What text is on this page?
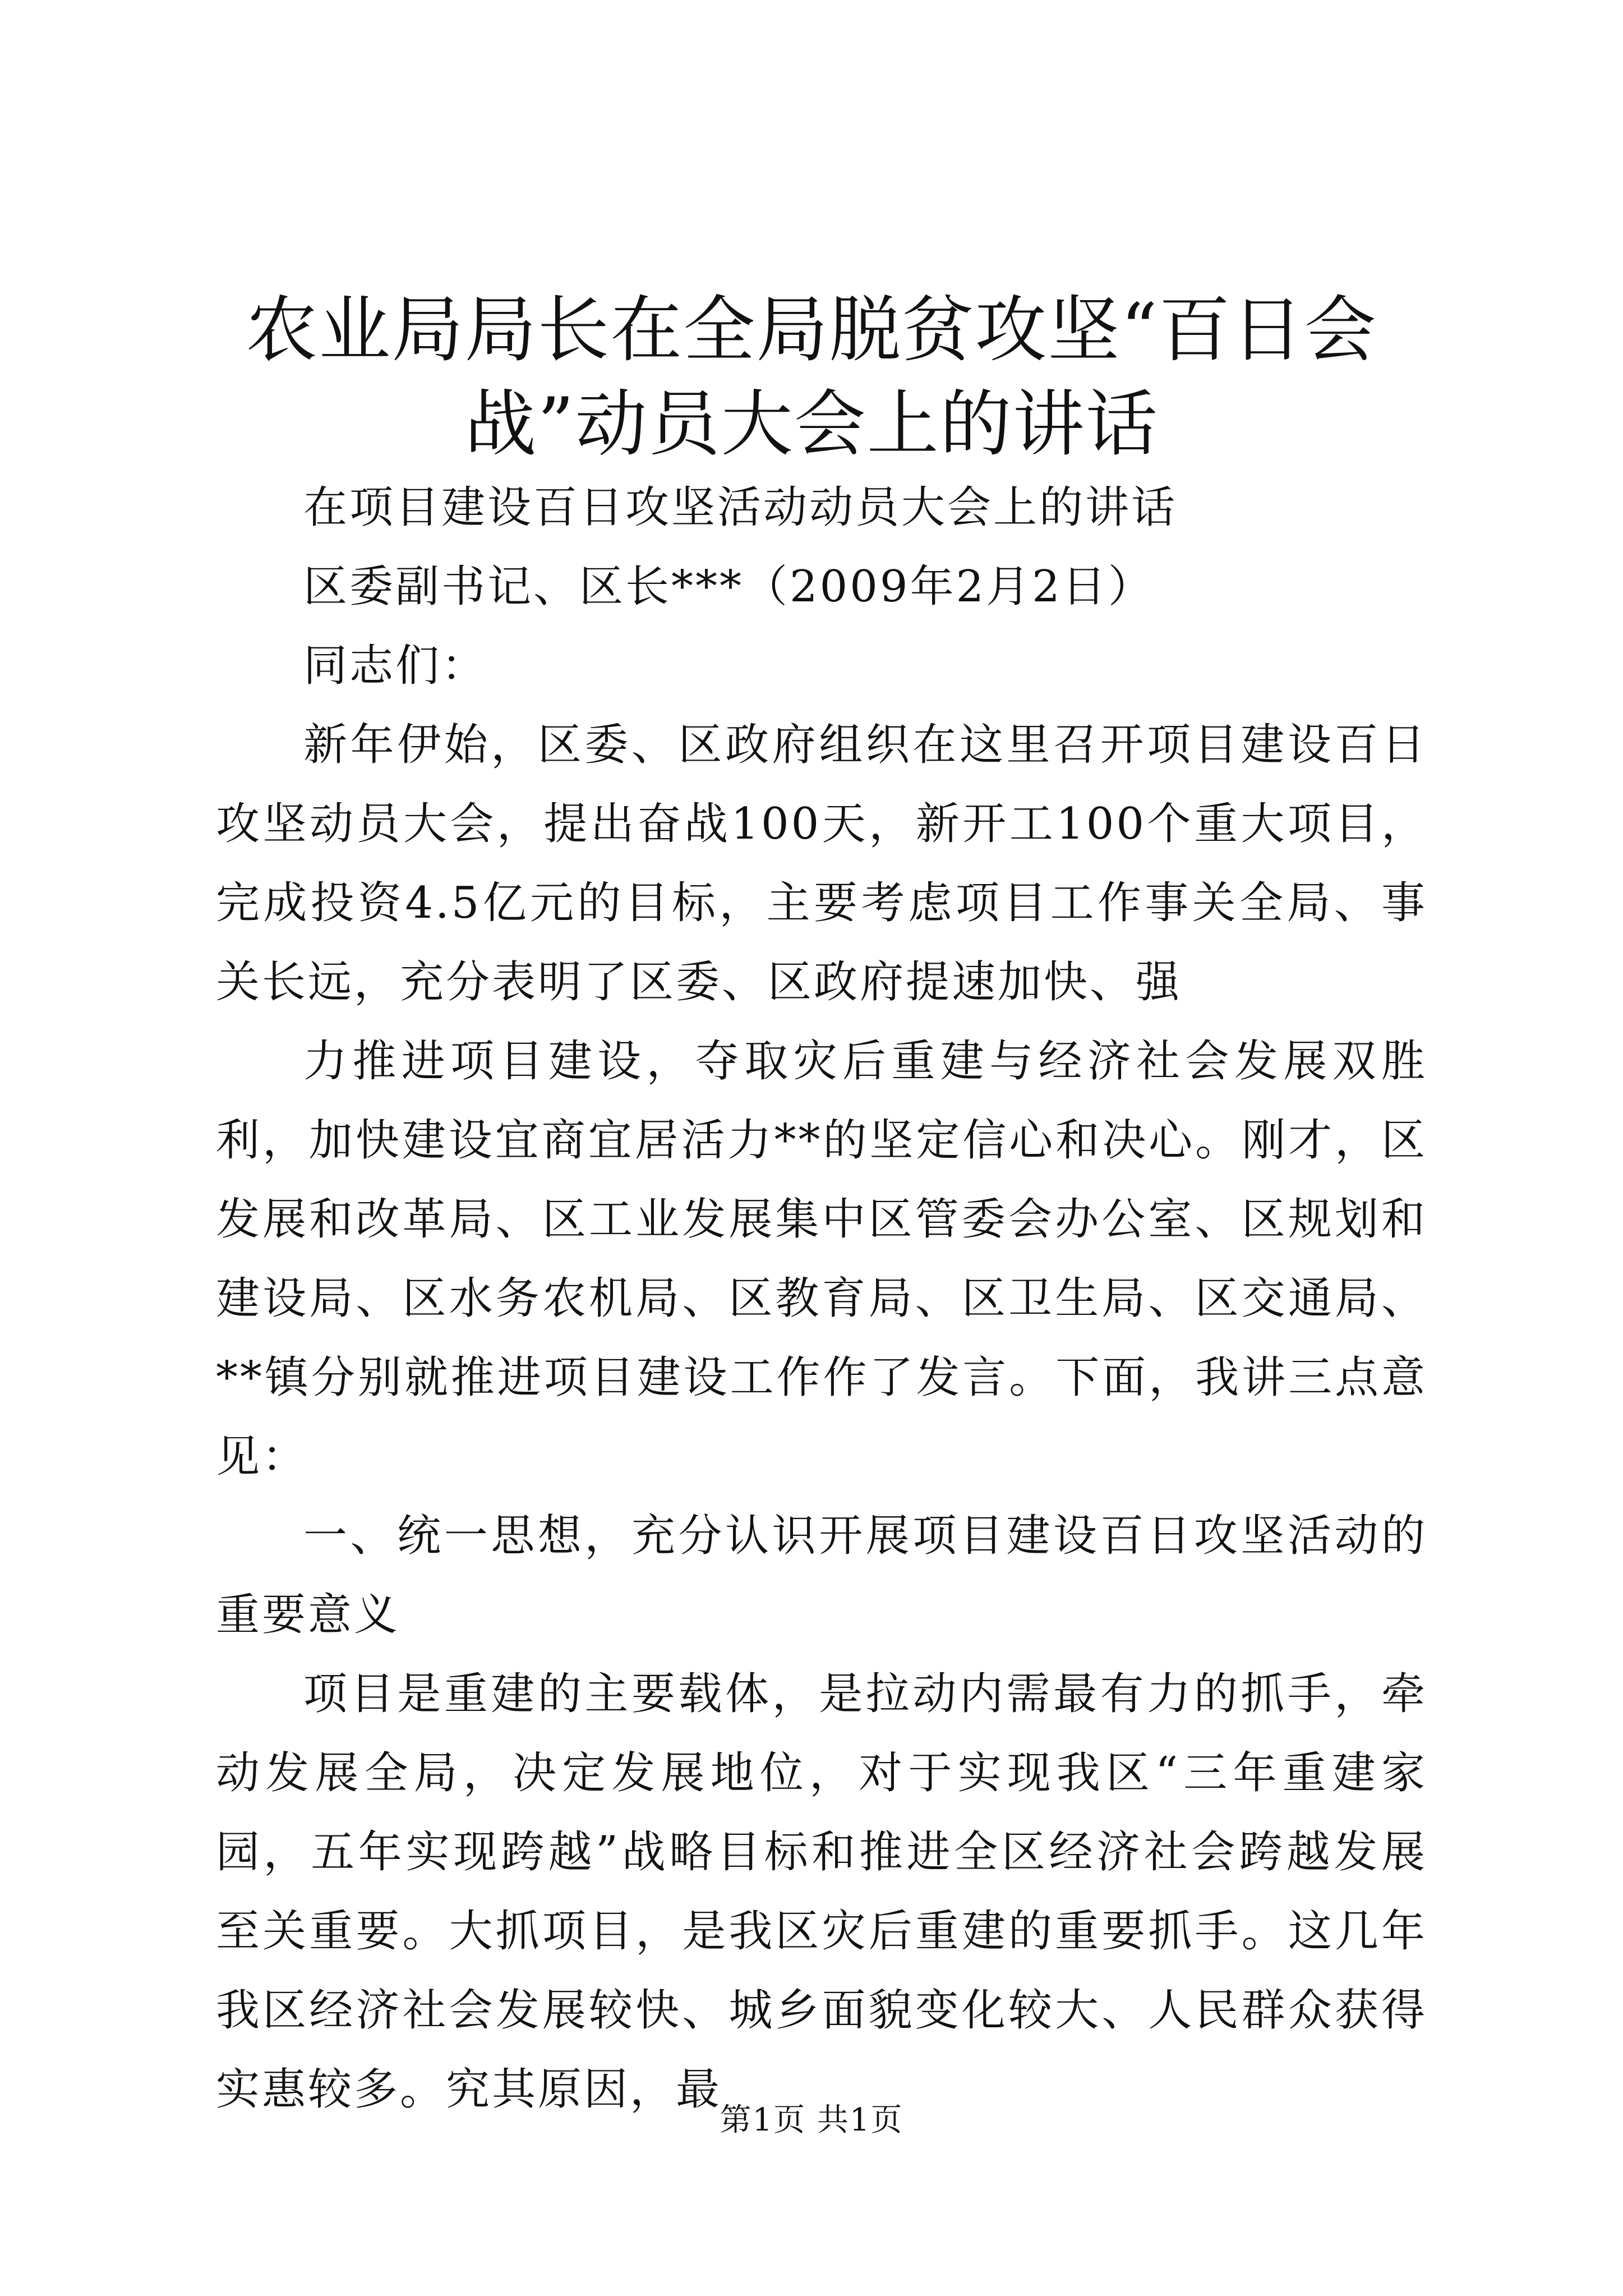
农业局局长在全局脱贫攻坚“百日会战”动员大会上的讲话

在项目建设百日攻坚活动动员大会上的讲话

区委副书记、区长***（2009年2月2日）

同志们：

新年伊始，区委、区政府组织在这里召开项目建设百日攻坚动员大会，提出奋战100天，新开工100个重大项目，完成投资4.5亿元的目标，主要考虑项目工作事关全局、事关长远，充分表明了区委、区政府提速加快、强

力推进项目建设，夺取灾后重建与经济社会发展双胜利，加快建设宜商宜居活力**的坚定信心和决心。刚才，区发展和改革局、区工业发展集中区管委会办公室、区规划和建设局、区水务农机局、区教育局、区卫生局、区交通局、**镇分别就推进项目建设工作作了发言。下面，我讲三点意见：

一、统一思想，充分认识开展项目建设百日攻坚活动的重要意义

项目是重建的主要载体，是拉动内需最有力的抓手，牵动发展全局，决定发展地位，对于实现我区“三年重建家园，五年实现跨越”战略目标和推进全区经济社会跨越发展至关重要。大抓项目，是我区灾后重建的重要抓手。这几年我区经济社会发展较快、城乡面貌变化较大、人民群众获得实惠较多。究其原因，最

第1页 共1页
